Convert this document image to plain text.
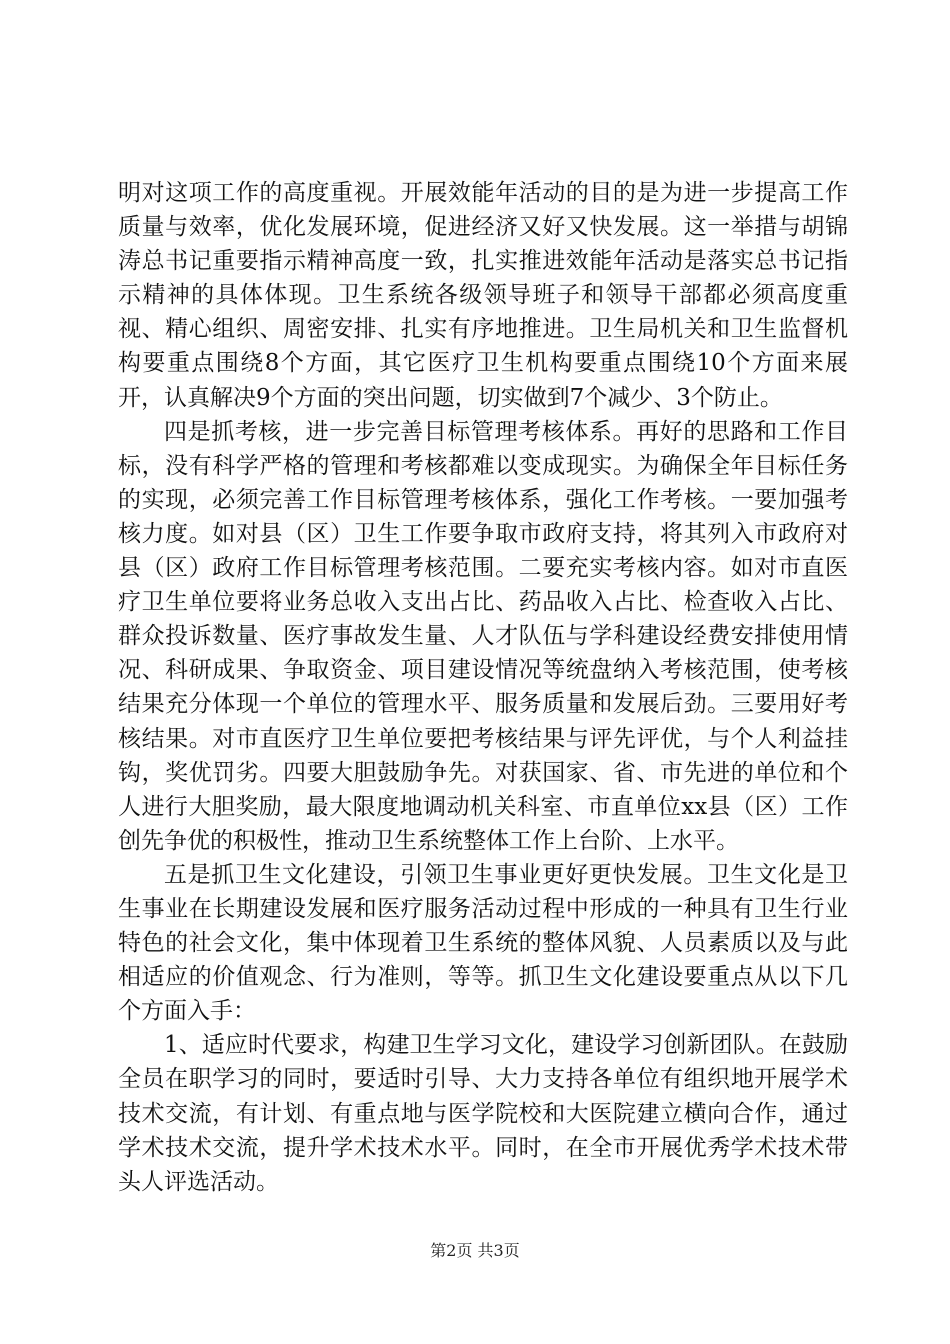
明对这项工作的高度重视。开展效能年活动的目的是为进一步提高工作质量与效率，优化发展环境，促进经济又好又快发展。这一举措与胡锦涛总书记重要指示精神高度一致，扎实推进效能年活动是落实总书记指示精神的具体体现。卫生系统各级领导班子和领导干部都必须高度重视、精心组织、周密安排、扎实有序地推进。卫生局机关和卫生监督机构要重点围绕8个方面，其它医疗卫生机构要重点围绕10个方面来展开，认真解决9个方面的突出问题，切实做到7个减少、3个防止。

四是抓考核，进一步完善目标管理考核体系。再好的思路和工作目标，没有科学严格的管理和考核都难以变成现实。为确保全年目标任务的实现，必须完善工作目标管理考核体系，强化工作考核。一要加强考核力度。如对县（区）卫生工作要争取市政府支持，将其列入市政府对县（区）政府工作目标管理考核范围。二要充实考核内容。如对市直医疗卫生单位要将业务总收入支出占比、药品收入占比、检查收入占比、群众投诉数量、医疗事故发生量、人才队伍与学科建设经费安排使用情况、科研成果、争取资金、项目建设情况等统盘纳入考核范围，使考核结果充分体现一个单位的管理水平、服务质量和发展后劲。三要用好考核结果。对市直医疗卫生单位要把考核结果与评先评优，与个人利益挂钩，奖优罚劣。四要大胆鼓励争先。对获国家、省、市先进的单位和个人进行大胆奖励，最大限度地调动机关科室、市直单位xx县（区）工作创先争优的积极性，推动卫生系统整体工作上台阶、上水平。

五是抓卫生文化建设，引领卫生事业更好更快发展。卫生文化是卫生事业在长期建设发展和医疗服务活动过程中形成的一种具有卫生行业特色的社会文化，集中体现着卫生系统的整体风貌、人员素质以及与此相适应的价值观念、行为准则，等等。抓卫生文化建设要重点从以下几个方面入手：

1、适应时代要求，构建卫生学习文化，建设学习创新团队。在鼓励全员在职学习的同时，要适时引导、大力支持各单位有组织地开展学术技术交流，有计划、有重点地与医学院校和大医院建立横向合作，通过学术技术交流，提升学术技术水平。同时，在全市开展优秀学术技术带头人评选活动。

第2页 共3页
